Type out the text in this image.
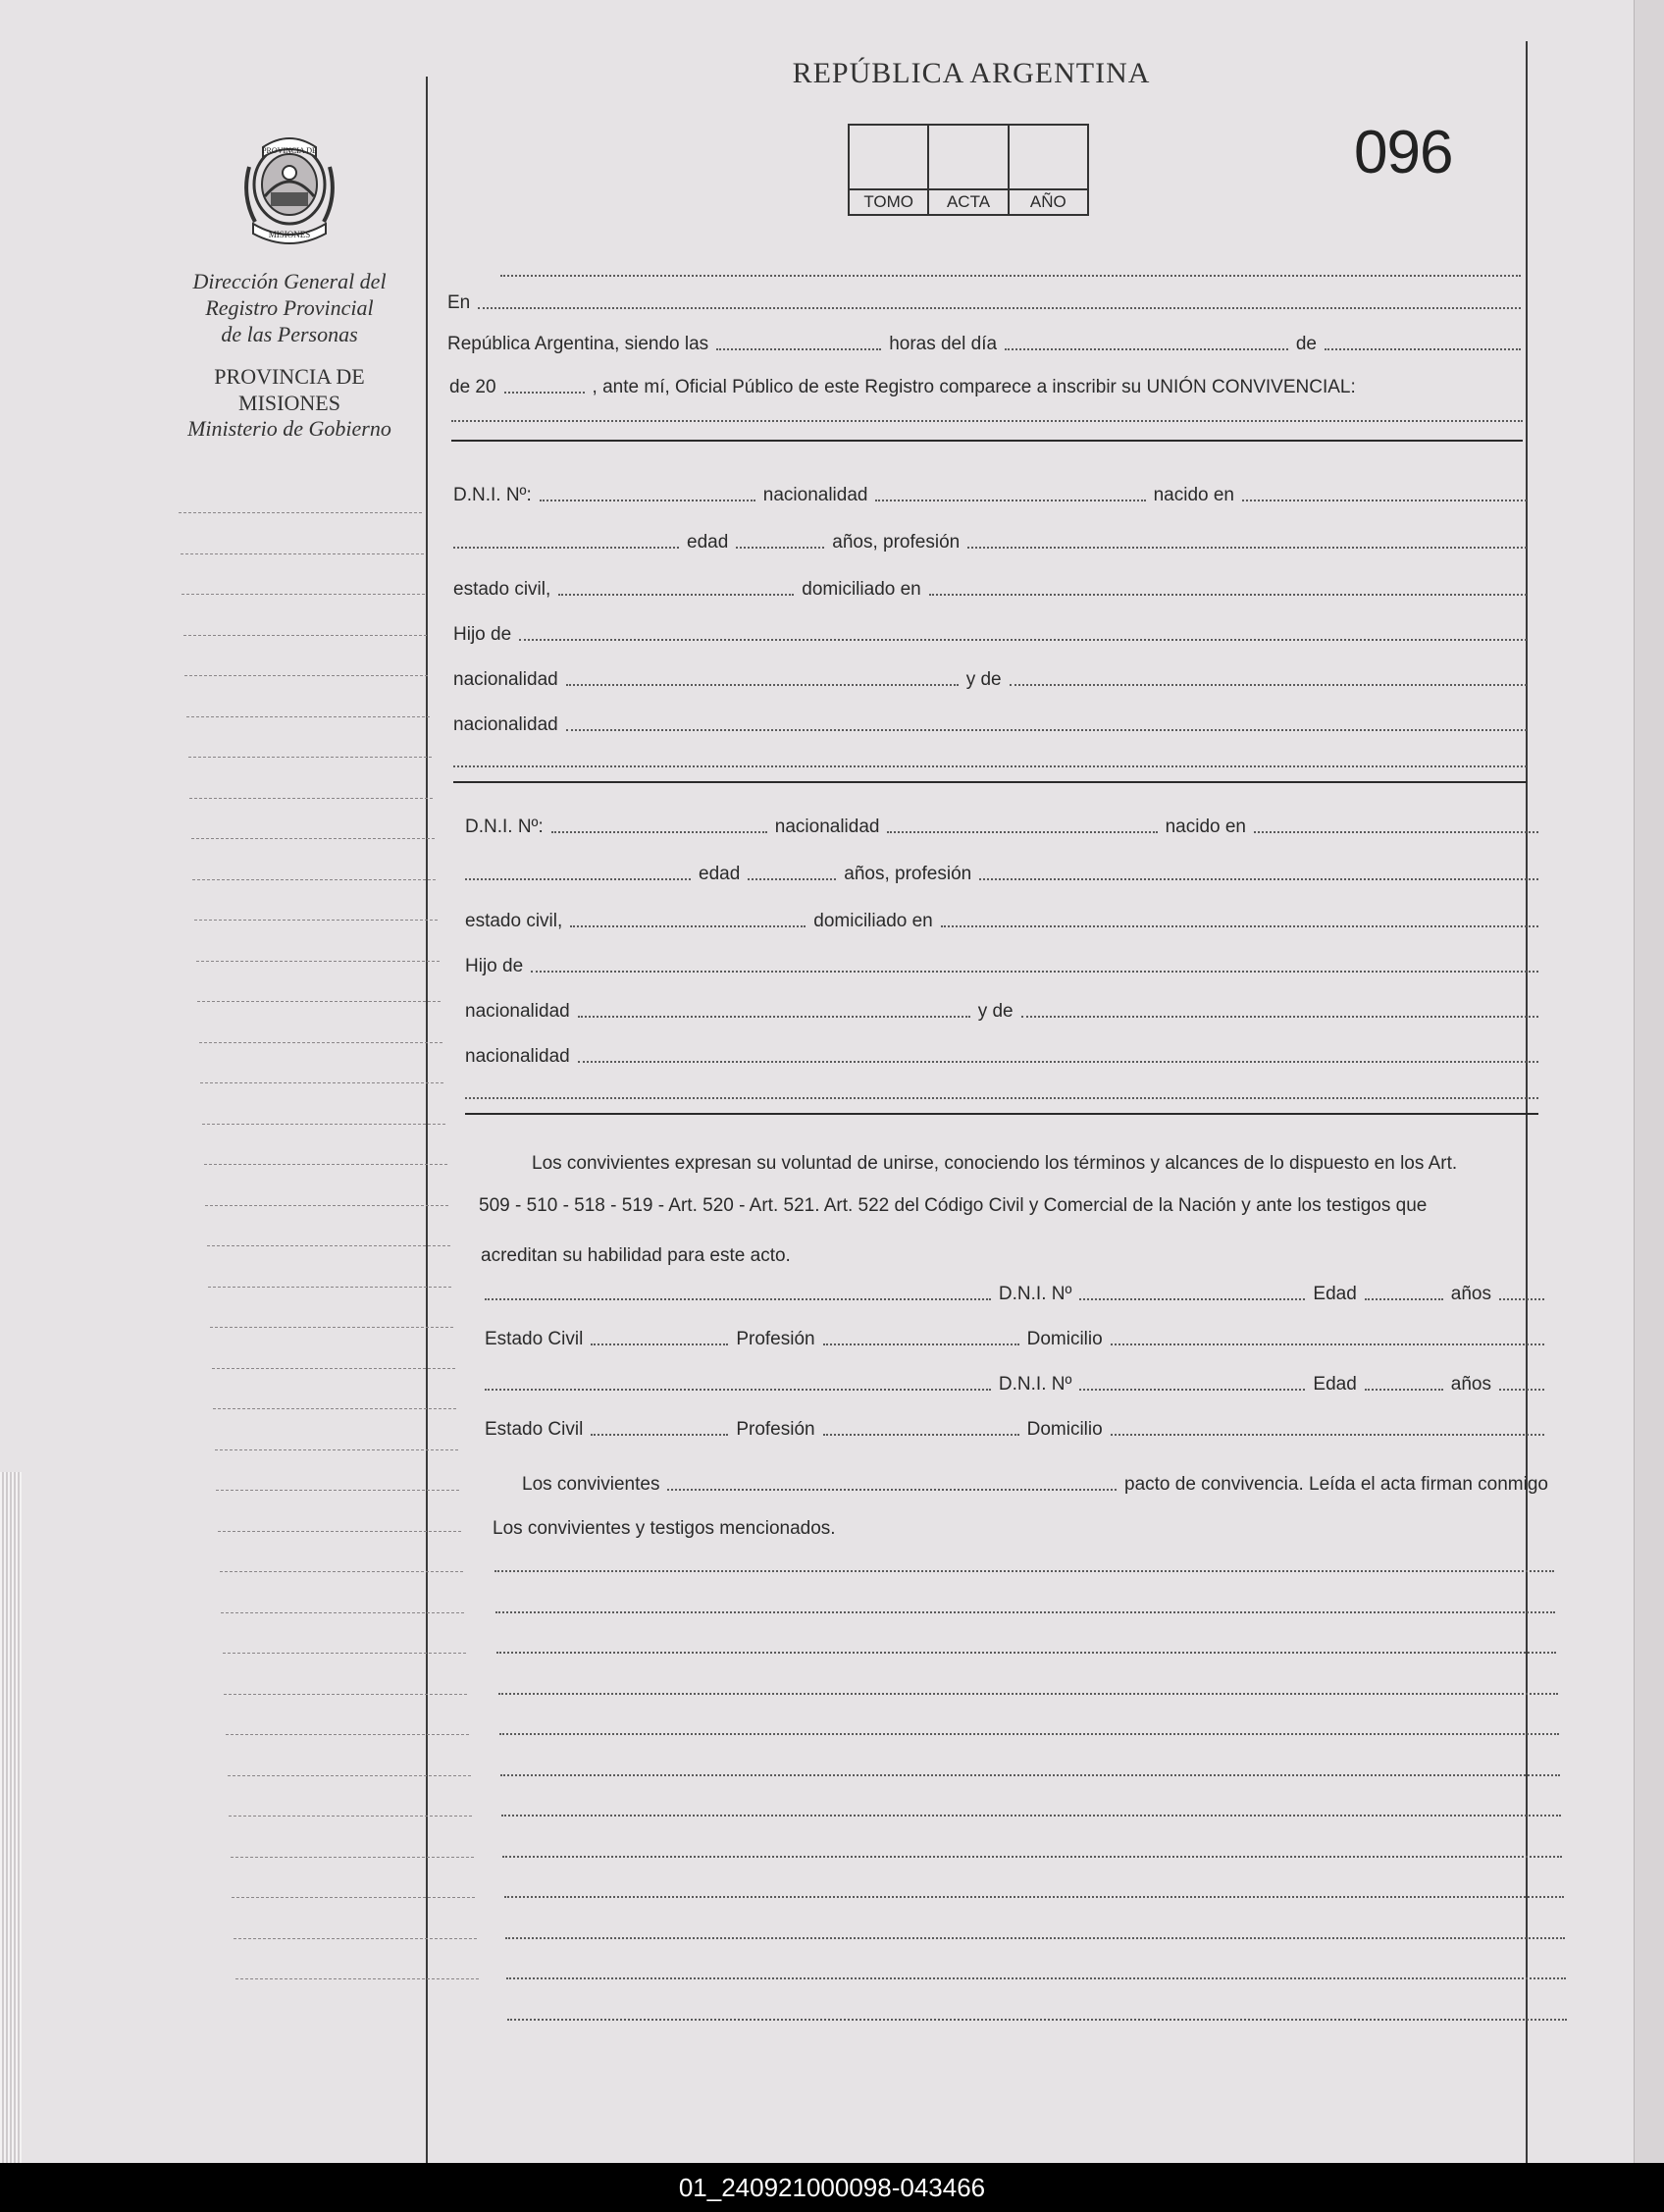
PROVINCIA DE
MISIONES
Dirección General del
Registro Provincial
de las Personas
PROVINCIA DE
MISIONES
Ministerio de Gobierno
REPÚBLICA ARGENTINA
TOMO	ACTA	AÑO
096
En
República Argentina, siendo las	horas del día	de
de 20	, ante mí, Oficial Público de este Registro comparece a inscribir su UNIÓN CONVIVENCIAL:
D.N.I. Nº:	nacionalidad	nacido en
edad	años, profesión
estado civil,	domiciliado en
Hijo de
nacionalidad	y de
nacionalidad
D.N.I. Nº:	nacionalidad	nacido en
edad	años, profesión
estado civil,	domiciliado en
Hijo de
nacionalidad	y de
nacionalidad
Los convivientes expresan su voluntad de unirse, conociendo los términos y alcances de lo dispuesto en los Art.
509 - 510 - 518 - 519 - Art. 520 - Art. 521. Art. 522 del Código Civil y Comercial de la Nación y ante los testigos que
acreditan su habilidad para este acto.
D.N.I. Nº	Edad	años
Estado Civil	Profesión	Domicilio
D.N.I. Nº	Edad	años
Estado Civil	Profesión	Domicilio
Los convivientes	pacto de convivencia. Leída el acta firman conmigo
Los convivientes y testigos mencionados.
01_240921000098-043466
